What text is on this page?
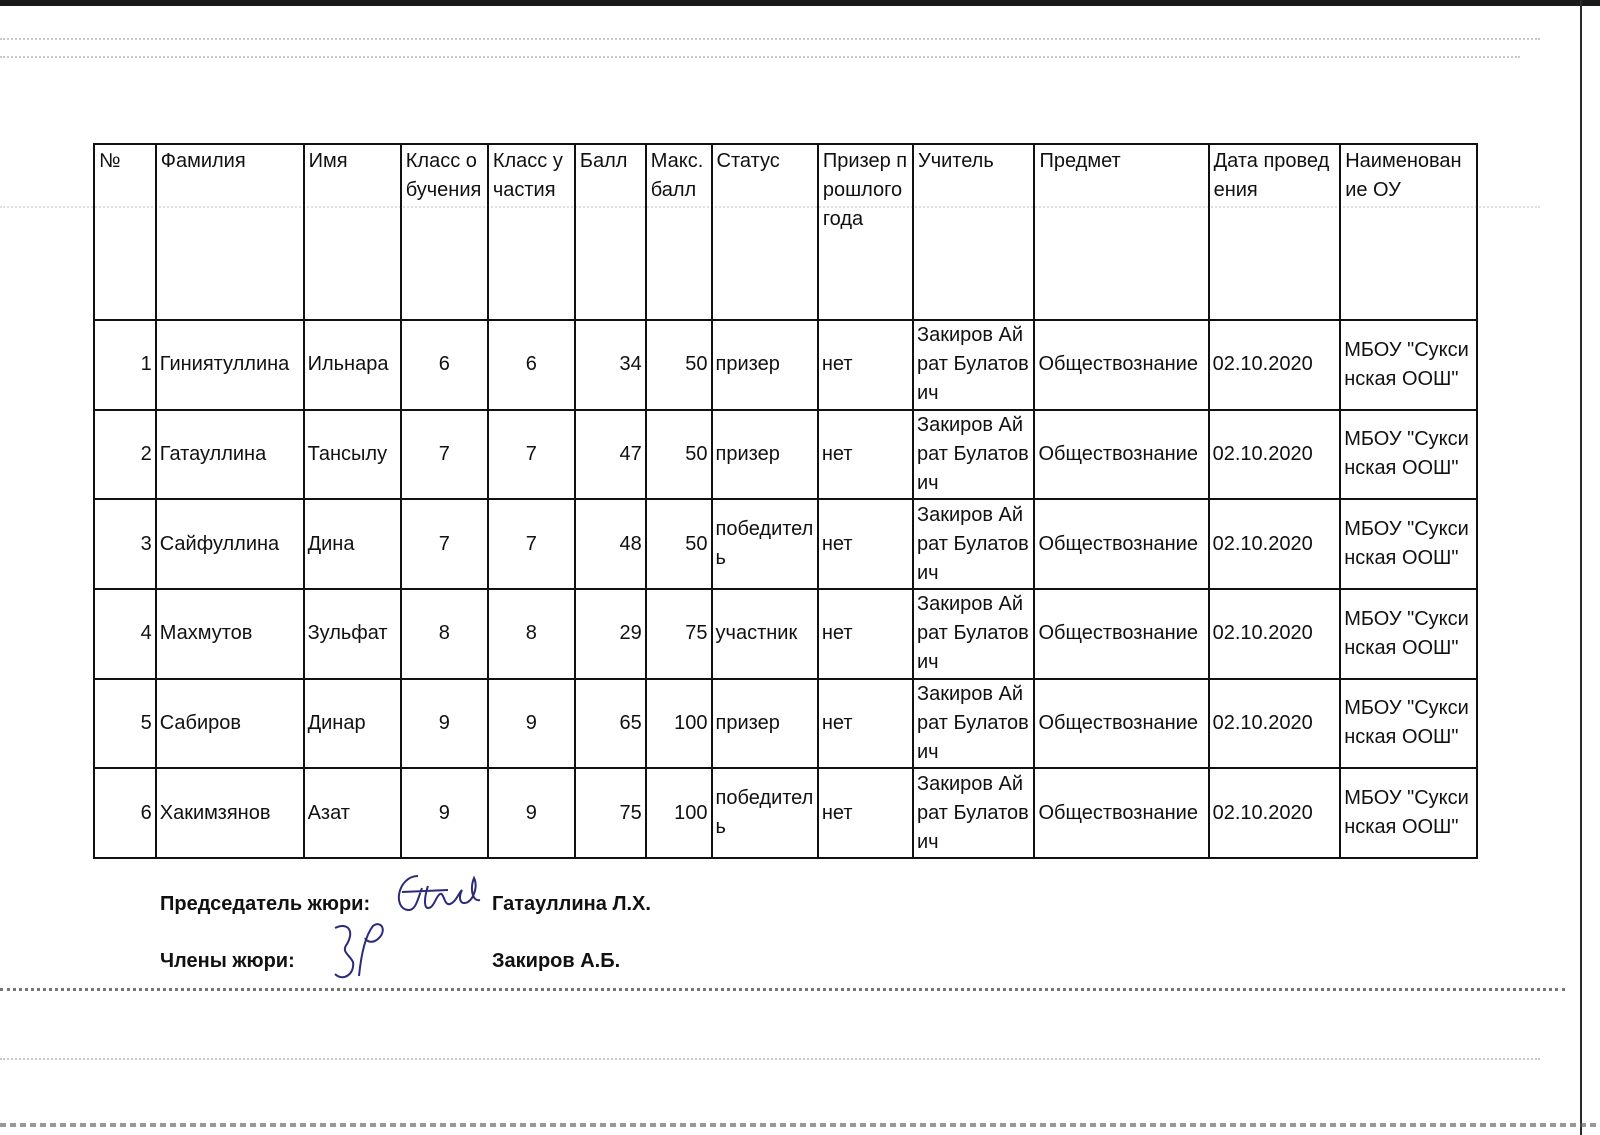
№	Фамилия	Имя	Класс обучения	Класс участия	Балл	Макс. балл	Статус	Призер прошлого года	Учитель	Предмет	Дата проведения	Наименование ОУ
1	Гиниятуллина	Ильнара	6	6	34	50	призер	нет	Закиров Айрат Булатович	Обществознание	02.10.2020	МБОУ "Суксинская ООШ"
2	Гатауллина	Тансылу	7	7	47	50	призер	нет	Закиров Айрат Булатович	Обществознание	02.10.2020	МБОУ "Суксинская ООШ"
3	Сайфуллина	Дина	7	7	48	50	победитель	нет	Закиров Айрат Булатович	Обществознание	02.10.2020	МБОУ "Суксинская ООШ"
4	Махмутов	Зульфат	8	8	29	75	участник	нет	Закиров Айрат Булатович	Обществознание	02.10.2020	МБОУ "Суксинская ООШ"
5	Сабиров	Динар	9	9	65	100	призер	нет	Закиров Айрат Булатович	Обществознание	02.10.2020	МБОУ "Суксинская ООШ"
6	Хакимзянов	Азат	9	9	75	100	победитель	нет	Закиров Айрат Булатович	Обществознание	02.10.2020	МБОУ "Суксинская ООШ"
Председатель жюри:	Гатауллина Л.Х.
Члены жюри:	Закиров А.Б.
